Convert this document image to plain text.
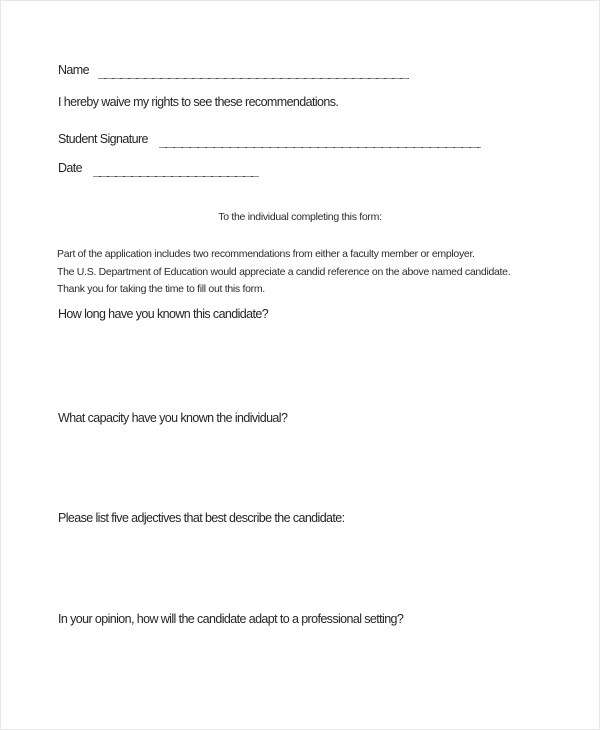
Name
I hereby waive my rights to see these recommendations.
Student Signature
Date
To the individual completing this form:
Part of the application includes two recommendations from either a faculty member or employer.
The U.S. Department of Education would appreciate a candid reference on the above named candidate.
Thank you for taking the time to fill out this form.
How long have you known this candidate?
What capacity have you known the individual?
Please list five adjectives that best describe the candidate:
In your opinion, how will the candidate adapt to a professional setting?
